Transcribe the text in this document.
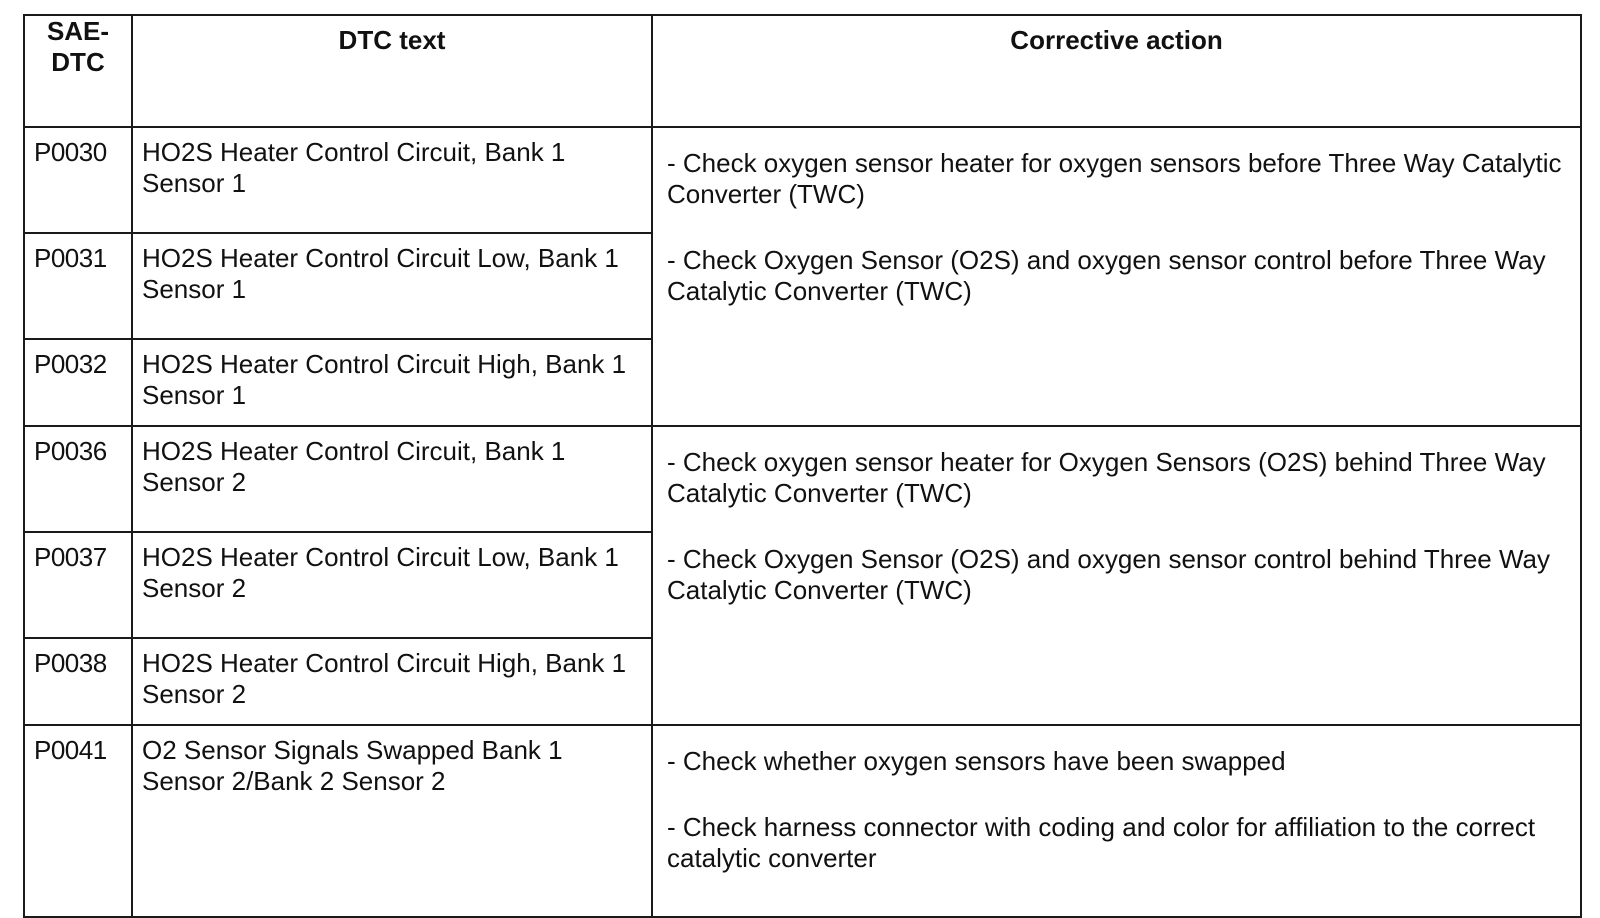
SAE-
DTC	DTC text	Corrective action
P0030	HO2S Heater Control Circuit, Bank 1 Sensor 1	- Check oxygen sensor heater for oxygen sensors before Three Way Catalytic Converter (TWC)

- Check Oxygen Sensor (O2S) and oxygen sensor control before Three Way Catalytic Converter (TWC)

P0031	HO2S Heater Control Circuit Low, Bank 1 Sensor 1	
P0032	HO2S Heater Control Circuit High, Bank 1 Sensor 1	
P0036	HO2S Heater Control Circuit, Bank 1 Sensor 2	- Check oxygen sensor heater for Oxygen Sensors (O2S) behind Three Way Catalytic Converter (TWC)

- Check Oxygen Sensor (O2S) and oxygen sensor control behind Three Way Catalytic Converter (TWC)

P0037	HO2S Heater Control Circuit Low, Bank 1 Sensor 2	
P0038	HO2S Heater Control Circuit High, Bank 1 Sensor 2	
P0041	O2 Sensor Signals Swapped Bank 1 Sensor 2/Bank 2 Sensor 2	- Check whether oxygen sensors have been swapped

- Check harness connector with coding and color for affiliation to the correct catalytic converter
